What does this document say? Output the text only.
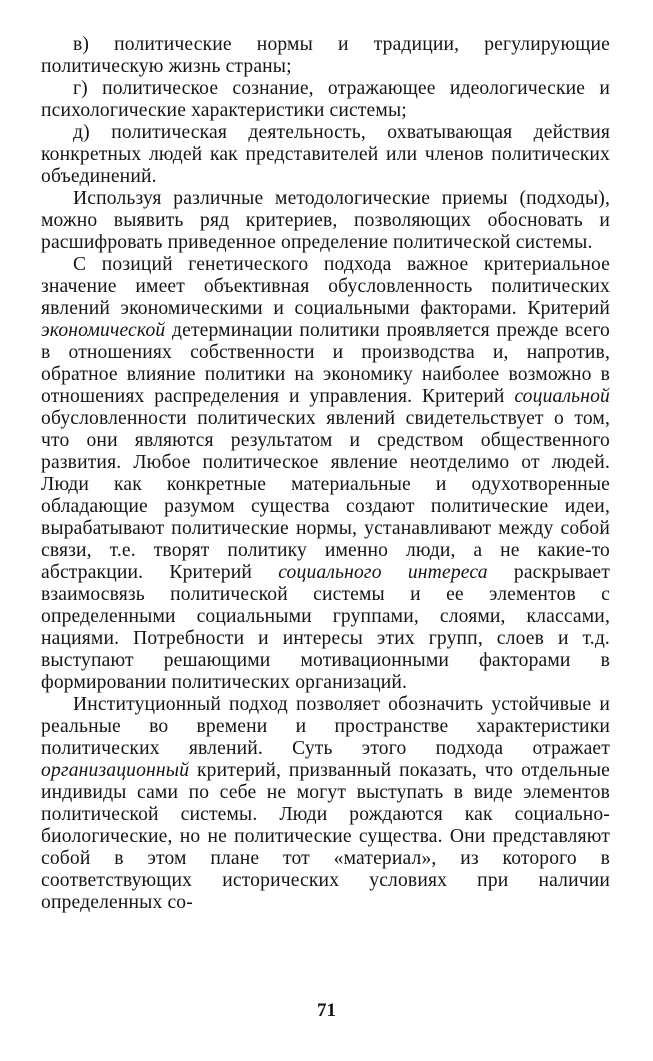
в) политические нормы и традиции, регулирующие политическую жизнь страны;

г) политическое сознание, отражающее идеологические и психологические характеристики системы;

д) политическая деятельность, охватывающая действия конкретных людей как представителей или членов политических объединений.

Используя различные методологические приемы (подходы), можно выявить ряд критериев, позволяющих обосновать и расшифровать приведенное определение политической системы.

С позиций генетического подхода важное критериальное значение имеет объективная обусловленность политических явлений экономическими и социальными факторами. Критерий экономической детерминации политики проявляется прежде всего в отношениях собственности и производства и, напротив, обратное влияние политики на экономику наиболее возможно в отношениях распределения и управления. Критерий социальной обусловленности политических явлений свидетельствует о том, что они являются результатом и средством общественного развития. Любое политическое явление неотделимо от людей. Люди как конкретные материальные и одухотворенные обладающие разумом существа создают политические идеи, вырабатывают политические нормы, устанавливают между собой связи, т.е. творят политику именно люди, а не какие-то абстракции. Критерий социального интереса раскрывает взаимосвязь политической системы и ее элементов с определенными социальными группами, слоями, классами, нациями. Потребности и интересы этих групп, слоев и т.д. выступают решающими мотивационными факторами в формировании политических организаций.

Институционный подход позволяет обозначить устойчивые и реальные во времени и пространстве характеристики политических явлений. Суть этого подхода отражает организационный критерий, призванный показать, что отдельные индивиды сами по себе не могут выступать в виде элементов политической системы. Люди рождаются как социально-биологические, но не политические существа. Они представляют собой в этом плане тот «материал», из которого в соответствующих исторических условиях при наличии определенных со-

71
